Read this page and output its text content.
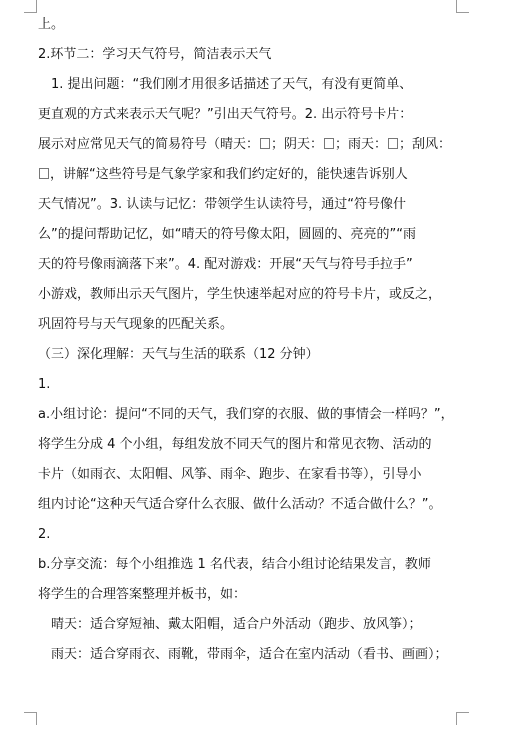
上。
2.环节二：学习天气符号，简洁表示天气
1. 提出问题：“我们刚才用很多话描述了天气，有没有更简单、
更直观的方式来表示天气呢？”引出天气符号。2. 出示符号卡片：
展示对应常见天气的简易符号（晴天： ；阴天： ；雨天： ；刮风：
，讲解“这些符号是气象学家和我们约定好的，能快速告诉别人
天气情况”。3. 认读与记忆：带领学生认读符号，通过“符号像什
么”的提问帮助记忆，如“晴天的符号像太阳，圆圆的、亮亮的”“雨
天的符号像雨滴落下来”。4. 配对游戏：开展“天气与符号手拉手”
小游戏，教师出示天气图片，学生快速举起对应的符号卡片，或反之，
巩固符号与天气现象的匹配关系。
（三）深化理解：天气与生活的联系（12 分钟）
1.
a.小组讨论：提问“不同的天气，我们穿的衣服、做的事情会一样吗？”，
将学生分成 4 个小组，每组发放不同天气的图片和常见衣物、活动的
卡片（如雨衣、太阳帽、风筝、雨伞、跑步、在家看书等），引导小
组内讨论“这种天气适合穿什么衣服、做什么活动？不适合做什么？”。
2.
b.分享交流：每个小组推选 1 名代表，结合小组讨论结果发言，教师
将学生的合理答案整理并板书，如：
晴天：适合穿短袖、戴太阳帽，适合户外活动（跑步、放风筝）；
雨天：适合穿雨衣、雨靴，带雨伞，适合在室内活动（看书、画画）；
